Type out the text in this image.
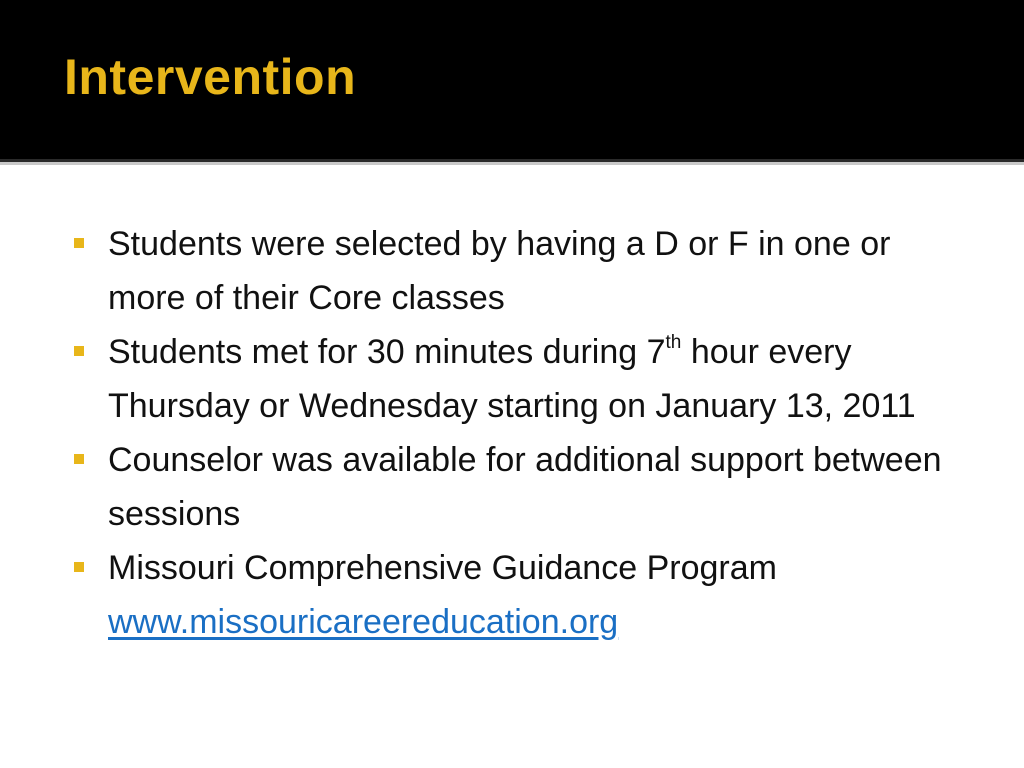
Intervention
Students were selected by having a D or F in one or more of their Core classes
Students met for 30 minutes during 7th hour every Thursday or Wednesday starting on January 13, 2011
Counselor was available for additional support between sessions
Missouri Comprehensive Guidance Program
www.missouricareereducation.org
